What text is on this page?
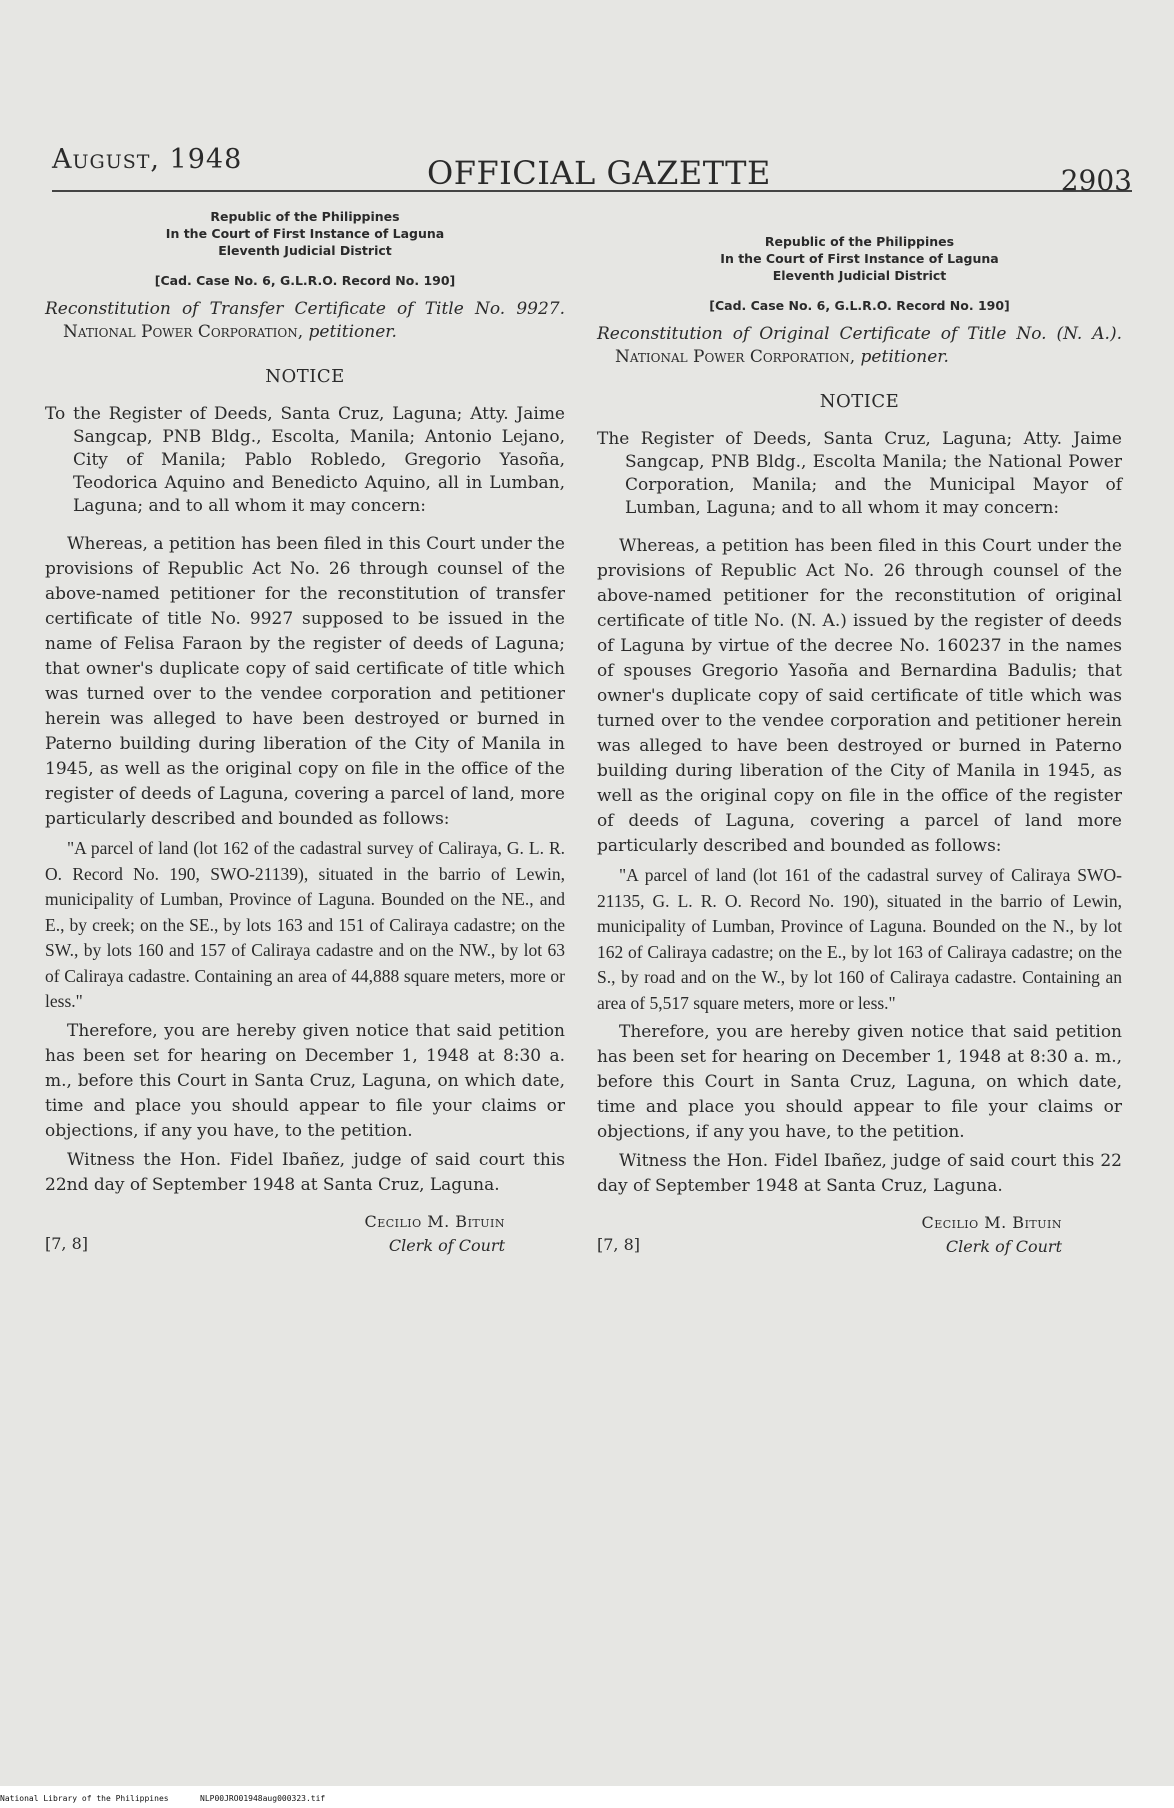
August, 1948	OFFICIAL GAZETTE	2903
Republic of the Philippines
In the Court of First Instance of Laguna
Eleventh Judicial District
[Cad. Case No. 6, G.L.R.O. Record No. 190]
Reconstitution of Transfer Certificate of Title No. 9927. National Power Corporation, petitioner.
NOTICE
To the Register of Deeds, Santa Cruz, Laguna; Atty. Jaime Sangcap, PNB Bldg., Escolta, Manila; Antonio Lejano, City of Manila; Pablo Robledo, Gregorio Yasoña, Teodorica Aquino and Benedicto Aquino, all in Lumban, Laguna; and to all whom it may concern:

Whereas, a petition has been filed in this Court under the provisions of Republic Act No. 26 through counsel of the above-named petitioner for the reconstitution of transfer certificate of title No. 9927 supposed to be issued in the name of Felisa Faraon by the register of deeds of Laguna; that owner's duplicate copy of said certificate of title which was turned over to the vendee corporation and petitioner herein was alleged to have been destroyed or burned in Paterno building during liberation of the City of Manila in 1945, as well as the original copy on file in the office of the register of deeds of Laguna, covering a parcel of land, more particularly described and bounded as follows:

"A parcel of land (lot 162 of the cadastral survey of Caliraya, G. L. R. O. Record No. 190, SWO-21139), situated in the barrio of Lewin, municipality of Lumban, Province of Laguna. Bounded on the NE., and E., by creek; on the SE., by lots 163 and 151 of Caliraya cadastre; on the SW., by lots 160 and 157 of Caliraya cadastre and on the NW., by lot 63 of Caliraya cadastre. Containing an area of 44,888 square meters, more or less."

Therefore, you are hereby given notice that said petition has been set for hearing on December 1, 1948 at 8:30 a. m., before this Court in Santa Cruz, Laguna, on which date, time and place you should appear to file your claims or objections, if any you have, to the petition.

Witness the Hon. Fidel Ibañez, judge of said court this 22nd day of September 1948 at Santa Cruz, Laguna.

Cecilio M. Bituin
Clerk of Court
[7, 8]
Republic of the Philippines
In the Court of First Instance of Laguna
Eleventh Judicial District
[Cad. Case No. 6, G.L.R.O. Record No. 190]
Reconstitution of Original Certificate of Title No. (N. A.). National Power Corporation, petitioner.
NOTICE
The Register of Deeds, Santa Cruz, Laguna; Atty. Jaime Sangcap, PNB Bldg., Escolta Manila; the National Power Corporation, Manila; and the Municipal Mayor of Lumban, Laguna; and to all whom it may concern:

Whereas, a petition has been filed in this Court under the provisions of Republic Act No. 26 through counsel of the above-named petitioner for the reconstitution of original certificate of title No. (N. A.) issued by the register of deeds of Laguna by virtue of the decree No. 160237 in the names of spouses Gregorio Yasoña and Bernardina Badulis; that owner's duplicate copy of said certificate of title which was turned over to the vendee corporation and petitioner herein was alleged to have been destroyed or burned in Paterno building during liberation of the City of Manila in 1945, as well as the original copy on file in the office of the register of deeds of Laguna, covering a parcel of land more particularly described and bounded as follows:

"A parcel of land (lot 161 of the cadastral survey of Caliraya SWO-21135, G. L. R. O. Record No. 190), situated in the barrio of Lewin, municipality of Lumban, Province of Laguna. Bounded on the N., by lot 162 of Caliraya cadastre; on the E., by lot 163 of Caliraya cadastre; on the S., by road and on the W., by lot 160 of Caliraya cadastre. Containing an area of 5,517 square meters, more or less."

Therefore, you are hereby given notice that said petition has been set for hearing on December 1, 1948 at 8:30 a. m., before this Court in Santa Cruz, Laguna, on which date, time and place you should appear to file your claims or objections, if any you have, to the petition.

Witness the Hon. Fidel Ibañez, judge of said court this 22 day of September 1948 at Santa Cruz, Laguna.

Cecilio M. Bituin
Clerk of Court
[7, 8]
National Library of the Philippines	NLP00JRO01948aug000323.tif
